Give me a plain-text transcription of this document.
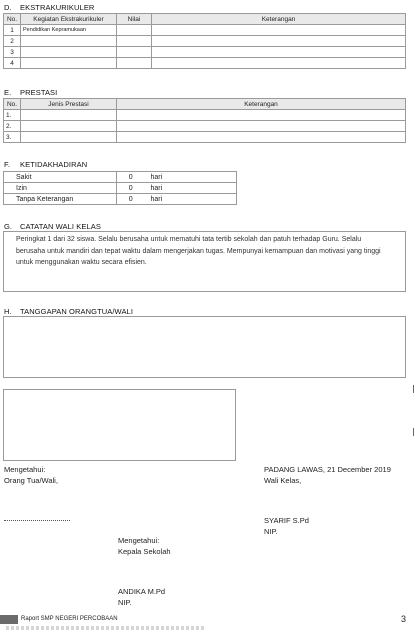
D. EKSTRAKURIKULER
No.	Kegiatan Ekstrakurikuler	Nilai	Keterangan
1	Pendidikan Kepramukaan		
2			
3			
4			
E. PRESTASI
No.	Jenis Prestasi	Keterangan
1.		
2.		
3.		
F. KETIDAKHADIRAN
Sakit	0	hari
Izin	0	hari
Tanpa Keterangan	0	hari
G. CATATAN WALI KELAS
Peringkat 1 dari 32 siswa. Selalu berusaha untuk mematuhi tata tertib sekolah dan patuh terhadap Guru. Selalu berusaha untuk mandiri dan tepat waktu dalam mengerjakan tugas. Mempunyai kemampuan dan motivasi yang tinggi untuk menggunakan waktu secara efisien.
H. TANGGAPAN ORANGTUA/WALI
Mengetahui:
Orang Tua/Wali,
PADANG LAWAS, 21 December 2019
Wali Kelas,
SYARIF S.Pd
NIP.
Mengetahui:
Kepala Sekolah
ANDIKA M.Pd
NIP.
Raport SMP NEGERI PERCOBAAN	3
